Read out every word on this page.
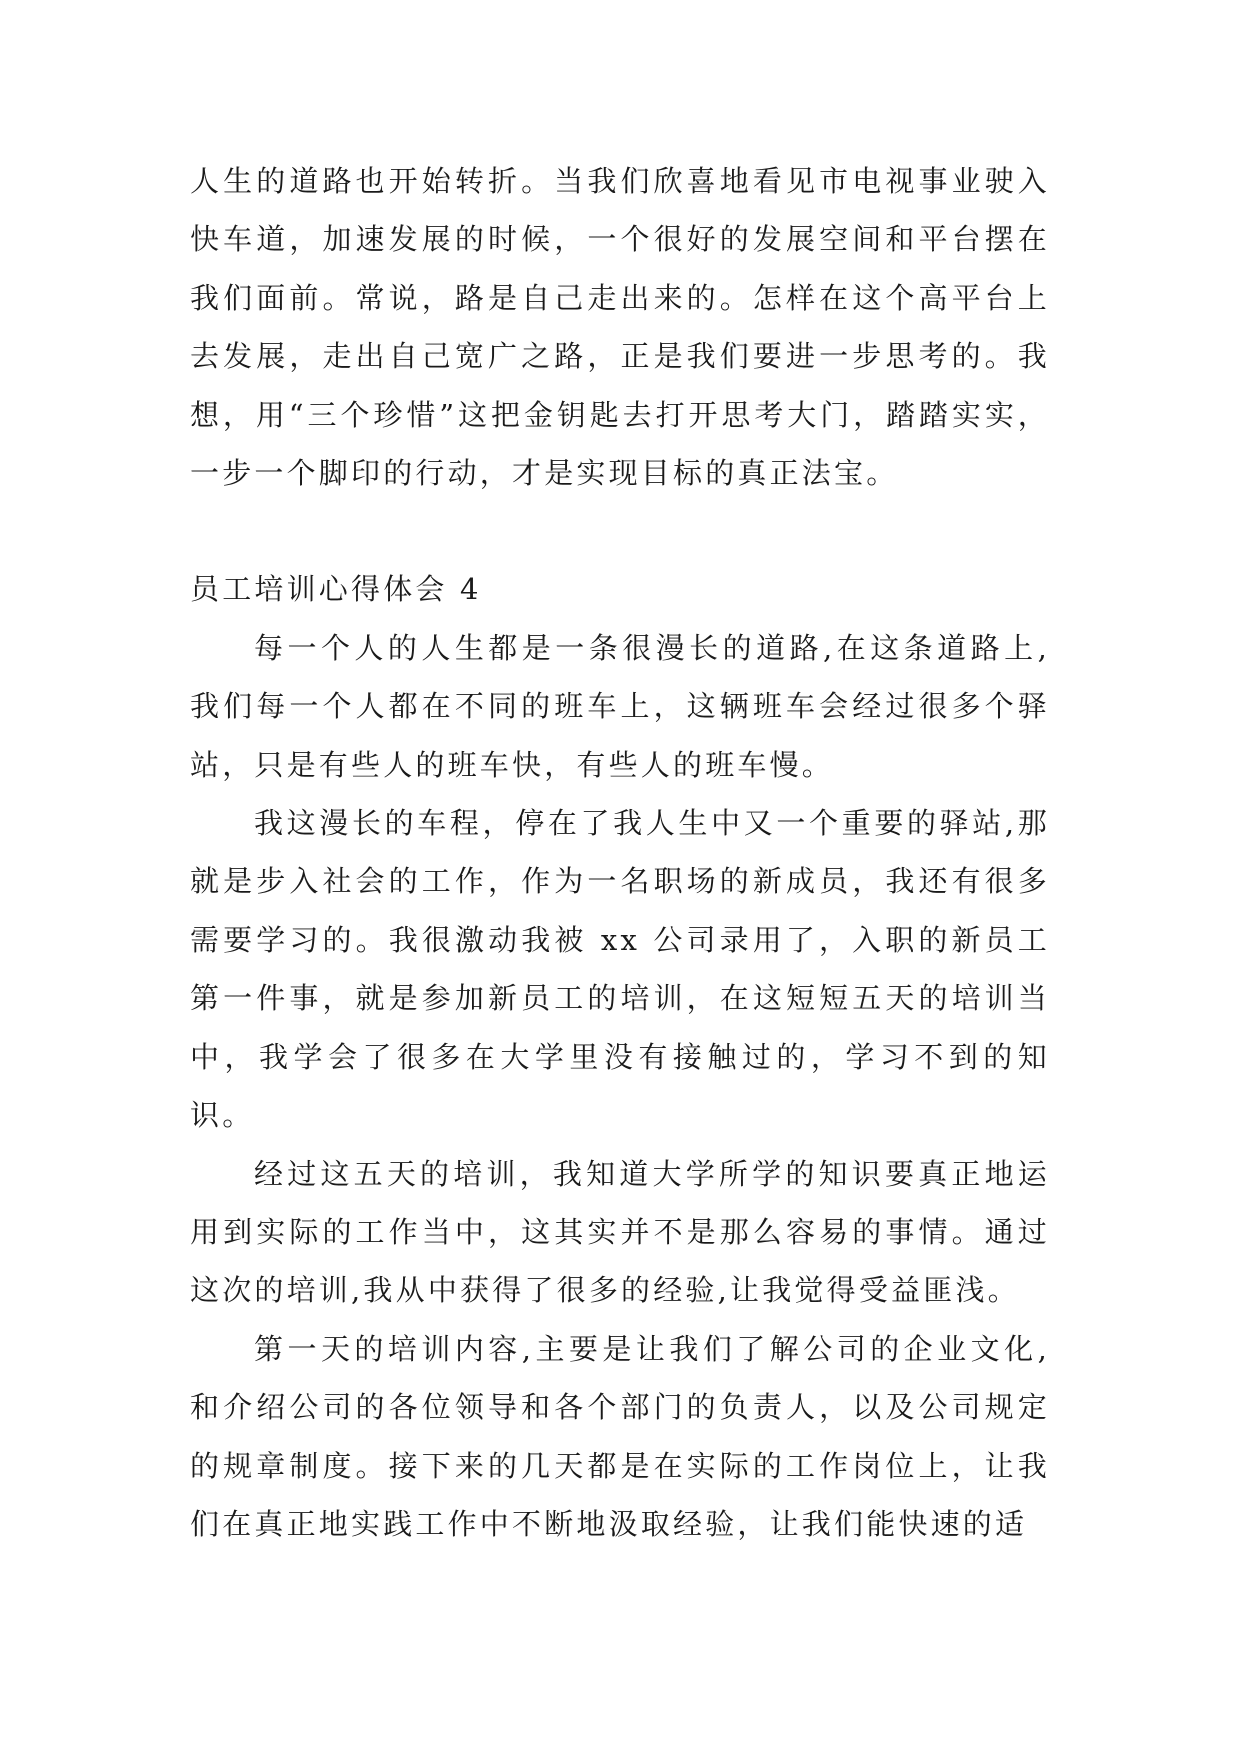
人生的道路也开始转折。当我们欣喜地看见市电视事业驶入快车道，加速发展的时候，一个很好的发展空间和平台摆在我们面前。常说，路是自己走出来的。怎样在这个高平台上去发展，走出自己宽广之路，正是我们要进一步思考的。我想，用“三个珍惜”这把金钥匙去打开思考大门，踏踏实实，一步一个脚印的行动，才是实现目标的真正法宝。

员工培训心得体会 4

每一个人的人生都是一条很漫长的道路,在这条道路上,我们每一个人都在不同的班车上，这辆班车会经过很多个驿站，只是有些人的班车快，有些人的班车慢。

我这漫长的车程，停在了我人生中又一个重要的驿站,那就是步入社会的工作，作为一名职场的新成员，我还有很多需要学习的。我很激动我被 xx 公司录用了，入职的新员工第一件事，就是参加新员工的培训，在这短短五天的培训当中，我学会了很多在大学里没有接触过的，学习不到的知识。

经过这五天的培训，我知道大学所学的知识要真正地运用到实际的工作当中，这其实并不是那么容易的事情。通过这次的培训,我从中获得了很多的经验,让我觉得受益匪浅。

第一天的培训内容,主要是让我们了解公司的企业文化,和介绍公司的各位领导和各个部门的负责人，以及公司规定的规章制度。接下来的几天都是在实际的工作岗位上，让我们在真正地实践工作中不断地汲取经验，让我们能快速的适
